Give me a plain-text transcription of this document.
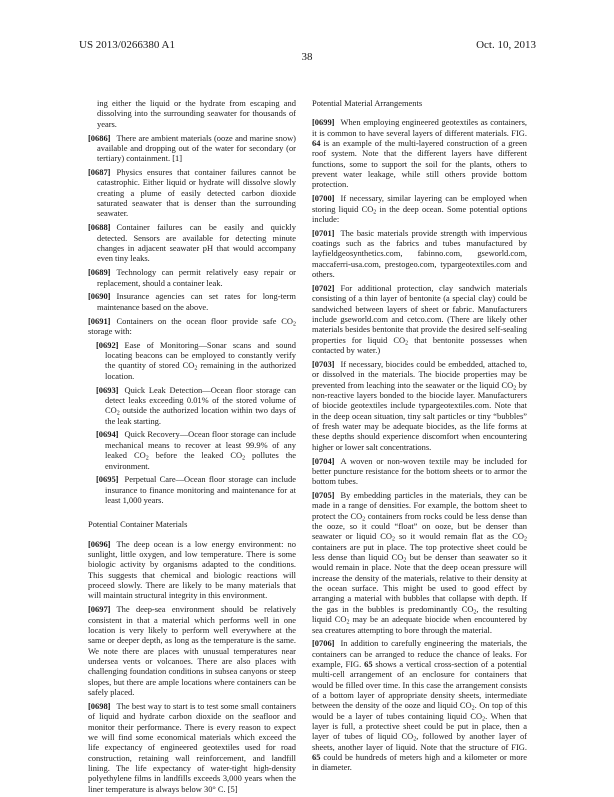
US 2013/0266380 A1
38
Oct. 10, 2013

ing either the liquid or the hydrate from escaping and dissolving into the surrounding seawater for thousands of years.

[0686] There are ambient materials (ooze and marine snow) available and dropping out of the water for secondary (or tertiary) containment. [1]

[0687] Physics ensures that container failures cannot be catastrophic. Either liquid or hydrate will dissolve slowly creating a plume of easily detected carbon dioxide saturated seawater that is denser than the surrounding seawater.

[0688] Container failures can be easily and quickly detected. Sensors are available for detecting minute changes in adjacent seawater pH that would accompany even tiny leaks.

[0689] Technology can permit relatively easy repair or replacement, should a container leak.

[0690] Insurance agencies can set rates for long-term maintenance based on the above.

[0691] Containers on the ocean floor provide safe $CO_2$ storage with:

[0692] Ease of Monitoring—Sonar scans and sound locating beacons can be employed to constantly verify the quantity of stored $CO_2$ remaining in the authorized location.

[0693] Quick Leak Detection—Ocean floor storage can detect leaks exceeding 0.01% of the stored volume of $CO_2$ outside the authorized location within two days of the leak starting.

[0694] Quick Recovery—Ocean floor storage can include mechanical means to recover at least 99.9% of any leaked $CO_2$ before the leaked $CO_2$ pollutes the environment.

[0695] Perpetual Care—Ocean floor storage can include insurance to finance monitoring and maintenance for at least 1,000 years.

Potential Container Materials

[0696] The deep ocean is a low energy environment: no sunlight, little oxygen, and low temperature. There is some biologic activity by organisms adapted to the conditions. This suggests that chemical and biologic reactions will proceed slowly. There are likely to be many materials that will maintain structural integrity in this environment.

[0697] The deep-sea environment should be relatively consistent in that a material which performs well in one location is very likely to perform well everywhere at the same or deeper depth, as long as the temperature is the same. We note there are places with unusual temperatures near undersea vents or volcanoes. There are also places with challenging foundation conditions in subsea canyons or steep slopes, but there are ample locations where containers can be safely placed.

[0698] The best way to start is to test some small containers of liquid and hydrate carbon dioxide on the seafloor and monitor their performance. There is every reason to expect we will find some economical materials which exceed the life expectancy of engineered geotextiles used for road construction, retaining wall reinforcement, and landfill lining. The life expectancy of water-tight high-density polyethylene films in landfills exceeds 3,000 years when the liner temperature is always below 30° C. [5]

Potential Material Arrangements

[0699] When employing engineered geotextiles as containers, it is common to have several layers of different materials. FIG. 64 is an example of the multi-layered construction of a green roof system. Note that the different layers have different functions, some to support the soil for the plants, others to prevent water leakage, while still others provide bottom protection.

[0700] If necessary, similar layering can be employed when storing liquid $CO_2$ in the deep ocean. Some potential options include:

[0701] The basic materials provide strength with impervious coatings such as the fabrics and tubes manufactured by layfieldgeosynthetics.com, fabinno.com, gseworld.com, maccaferri-usa.com, prestogeo.com, typargeotextiles.com and others.

[0702] For additional protection, clay sandwich materials consisting of a thin layer of bentonite (a special clay) could be sandwiched between layers of sheet or fabric. Manufacturers include gseworld.com and cetco.com. (There are likely other materials besides bentonite that provide the desired self-sealing properties for liquid $CO_2$ that bentonite possesses when contacted by water.)

[0703] If necessary, biocides could be embedded, attached to, or dissolved in the materials. The biocide properties may be prevented from leaching into the seawater or the liquid $CO_2$ by non-reactive layers bonded to the biocide layer. Manufacturers of biocide geotextiles include typargeotextiles.com. Note that in the deep ocean situation, tiny salt particles or tiny “bubbles” of fresh water may be adequate biocides, as the life forms at these depths should experience discomfort when encountering higher or lower salt concentrations.

[0704] A woven or non-woven textile may be included for better puncture resistance for the bottom sheets or to armor the bottom tubes.

[0705] By embedding particles in the materials, they can be made in a range of densities. For example, the bottom sheet to protect the $CO_2$ containers from rocks could be less dense than the ooze, so it could “float” on ooze, but be denser than seawater or liquid $CO_2$ so it would remain flat as the $CO_2$ containers are put in place. The top protective sheet could be less dense than liquid $CO_2$ but be denser than seawater so it would remain in place. Note that the deep ocean pressure will increase the density of the materials, relative to their density at the ocean surface. This might be used to good effect by arranging a material with bubbles that collapse with depth. If the gas in the bubbles is predominantly $CO_2$, the resulting liquid $CO_2$ may be an adequate biocide when encountered by sea creatures attempting to bore through the material.

[0706] In addition to carefully engineering the materials, the containers can be arranged to reduce the chance of leaks. For example, FIG. 65 shows a vertical cross-section of a potential multi-cell arrangement of an enclosure for containers that would be filled over time. In this case the arrangement consists of a bottom layer of appropriate density sheets, intermediate between the density of the ooze and liquid $CO_2$. On top of this would be a layer of tubes containing liquid $CO_2$. When that layer is full, a protective sheet could be put in place, then a layer of tubes of liquid $CO_2$, followed by another layer of sheets, another layer of liquid. Note that the structure of FIG. 65 could be hundreds of meters high and a kilometer or more in diameter.
